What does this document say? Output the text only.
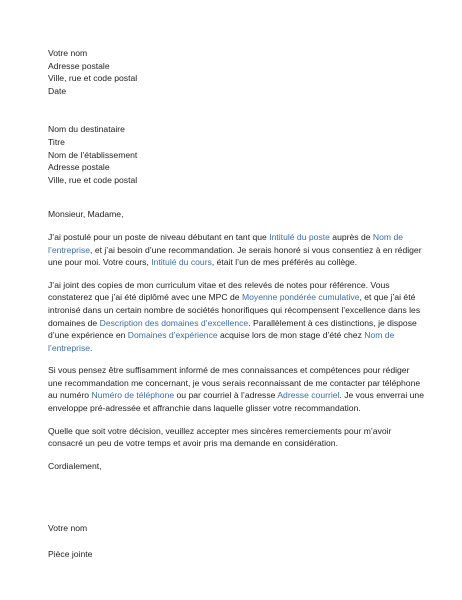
Votre nom
Adresse postale
Ville, rue et code postal
Date
Nom du destinataire
Titre
Nom de l’établissement
Adresse postale
Ville, rue et code postal
Monsieur, Madame,

J’ai postulé pour un poste de niveau débutant en tant que Intitulé du poste auprès de Nom de l’entreprise, et j’ai besoin d’une recommandation. Je serais honoré si vous consentiez à en rédiger une pour moi. Votre cours, Intitulé du cours, était l’un de mes préférés au collège.

J’ai joint des copies de mon curriculum vitae et des relevés de notes pour référence. Vous constaterez que j’ai été diplômé avec une MPC de Moyenne pondérée cumulative, et que j’ai été intronisé dans un certain nombre de sociétés honorifiques qui récompensent l’excellence dans les domaines de Description des domaines d’excellence. Parallèlement à ces distinctions, je dispose d’une expérience en Domaines d’expérience acquise lors de mon stage d’été chez Nom de l’entreprise.

Si vous pensez être suffisamment informé de mes connaissances et compétences pour rédiger une recommandation me concernant, je vous serais reconnaissant de me contacter par téléphone au numéro Numéro de téléphone ou par courriel à l’adresse Adresse courriel. Je vous enverrai une enveloppe pré-adressée et affranchie dans laquelle glisser votre recommandation.

Quelle que soit votre décision, veuillez accepter mes sincères remerciements pour m’avoir consacré un peu de votre temps et avoir pris ma demande en considération.

Cordialement,
Votre nom
Pièce jointe
